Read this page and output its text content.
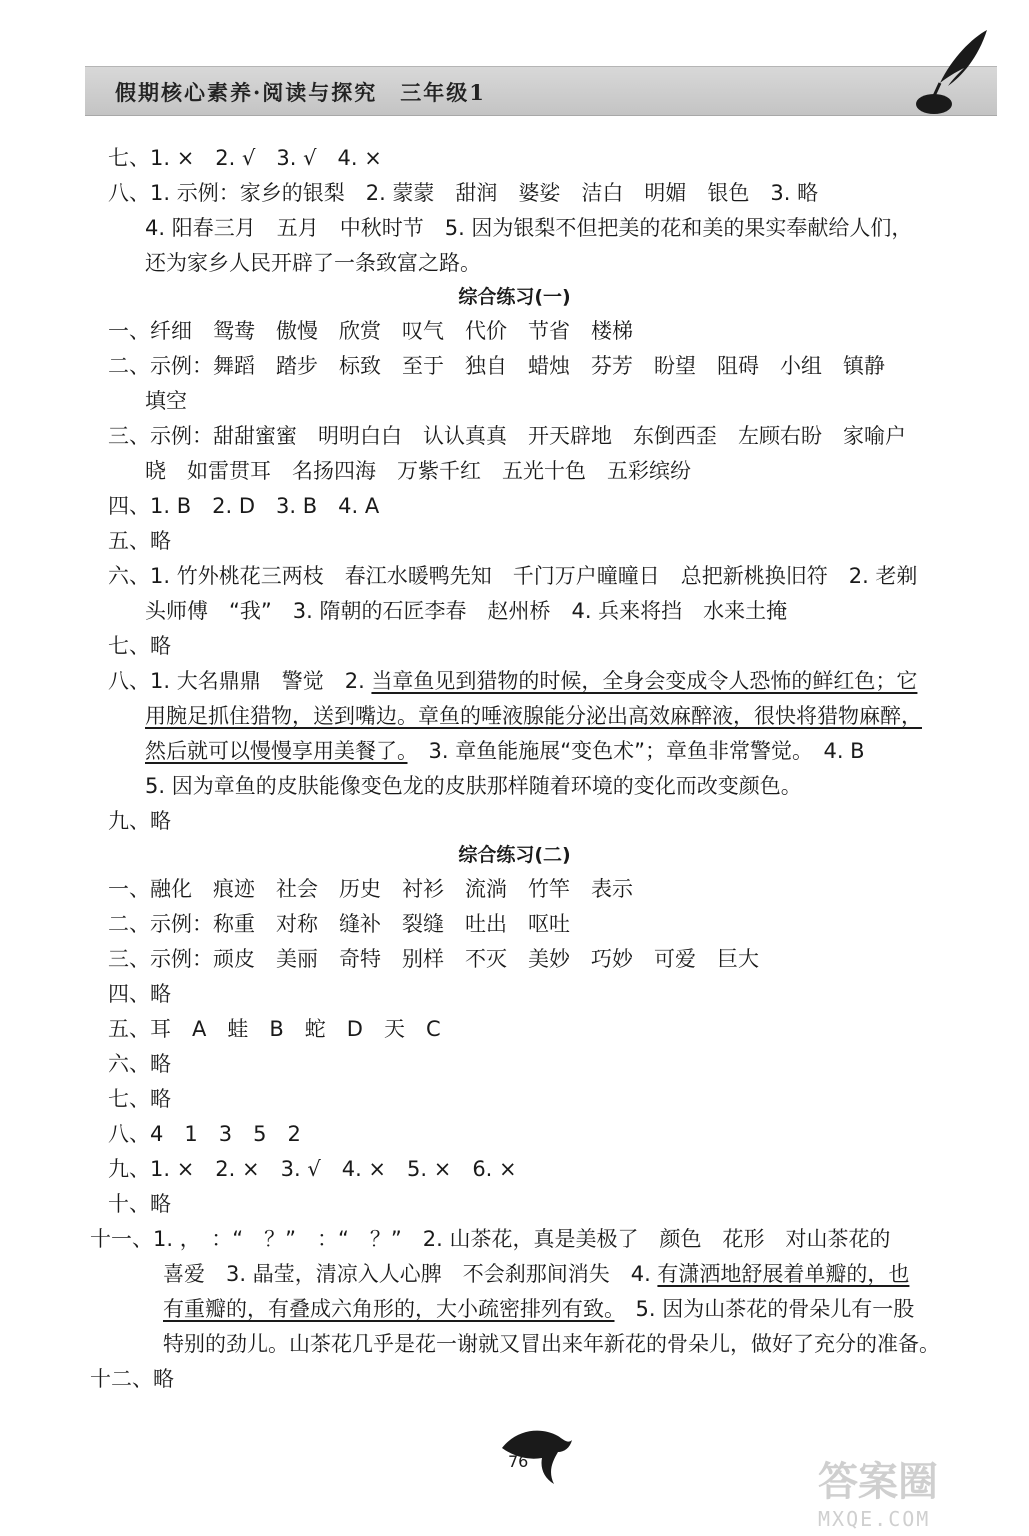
假期核心素养·阅读与探究　三年级1
综合练习(一)
综合练习(二)
七、1. ×　2. √　3. √　4. ×
八、1. 示例：家乡的银梨　2. 蒙蒙　甜润　婆娑　洁白　明媚　银色　3. 略
4. 阳春三月　五月　中秋时节　5. 因为银梨不但把美的花和美的果实奉献给人们，
还为家乡人民开辟了一条致富之路。
一、纤细　鸳鸯　傲慢　欣赏　叹气　代价　节省　楼梯
二、示例：舞蹈　踏步　标致　至于　独自　蜡烛　芬芳　盼望　阻碍　小组　镇静
填空
三、示例：甜甜蜜蜜　明明白白　认认真真　开天辟地　东倒西歪　左顾右盼　家喻户
晓　如雷贯耳　名扬四海　万紫千红　五光十色　五彩缤纷
四、1. B　2. D　3. B　4. A
五、略
六、1. 竹外桃花三两枝　春江水暖鸭先知　千门万户曈曈日　总把新桃换旧符　2. 老剃
头师傅　“我”　3. 隋朝的石匠李春　赵州桥　4. 兵来将挡　水来土掩
七、略
八、1. 大名鼎鼎　警觉　2. 当章鱼见到猎物的时候，全身会变成令人恐怖的鲜红色；它
用腕足抓住猎物，送到嘴边。章鱼的唾液腺能分泌出高效麻醉液，很快将猎物麻醉，
然后就可以慢慢享用美餐了。　3. 章鱼能施展“变色术”；章鱼非常警觉。　4. B
5. 因为章鱼的皮肤能像变色龙的皮肤那样随着环境的变化而改变颜色。
九、略
一、融化　痕迹　社会　历史　衬衫　流淌　竹竿　表示
二、示例：称重　对称　缝补　裂缝　吐出　呕吐
三、示例：顽皮　美丽　奇特　别样　不灭　美妙　巧妙　可爱　巨大
四、略
五、耳　A　蛙　B　蛇　D　天　C
六、略
七、略
八、4　1　3　5　2
九、1. ×　2. ×　3. √　4. ×　5. ×　6. ×
十、略
十一、1. ，　：“　？”　：“　？”　2. 山茶花，真是美极了　颜色　花形　对山茶花的
喜爱　3. 晶莹，清凉入人心脾　不会刹那间消失　4. 有潇洒地舒展着单瓣的，也
有重瓣的，有叠成六角形的，大小疏密排列有致。　5. 因为山茶花的骨朵儿有一股
特别的劲儿。山茶花几乎是花一谢就又冒出来年新花的骨朵儿，做好了充分的准备。
十二、略
76	答案圈
MXQE.COM
